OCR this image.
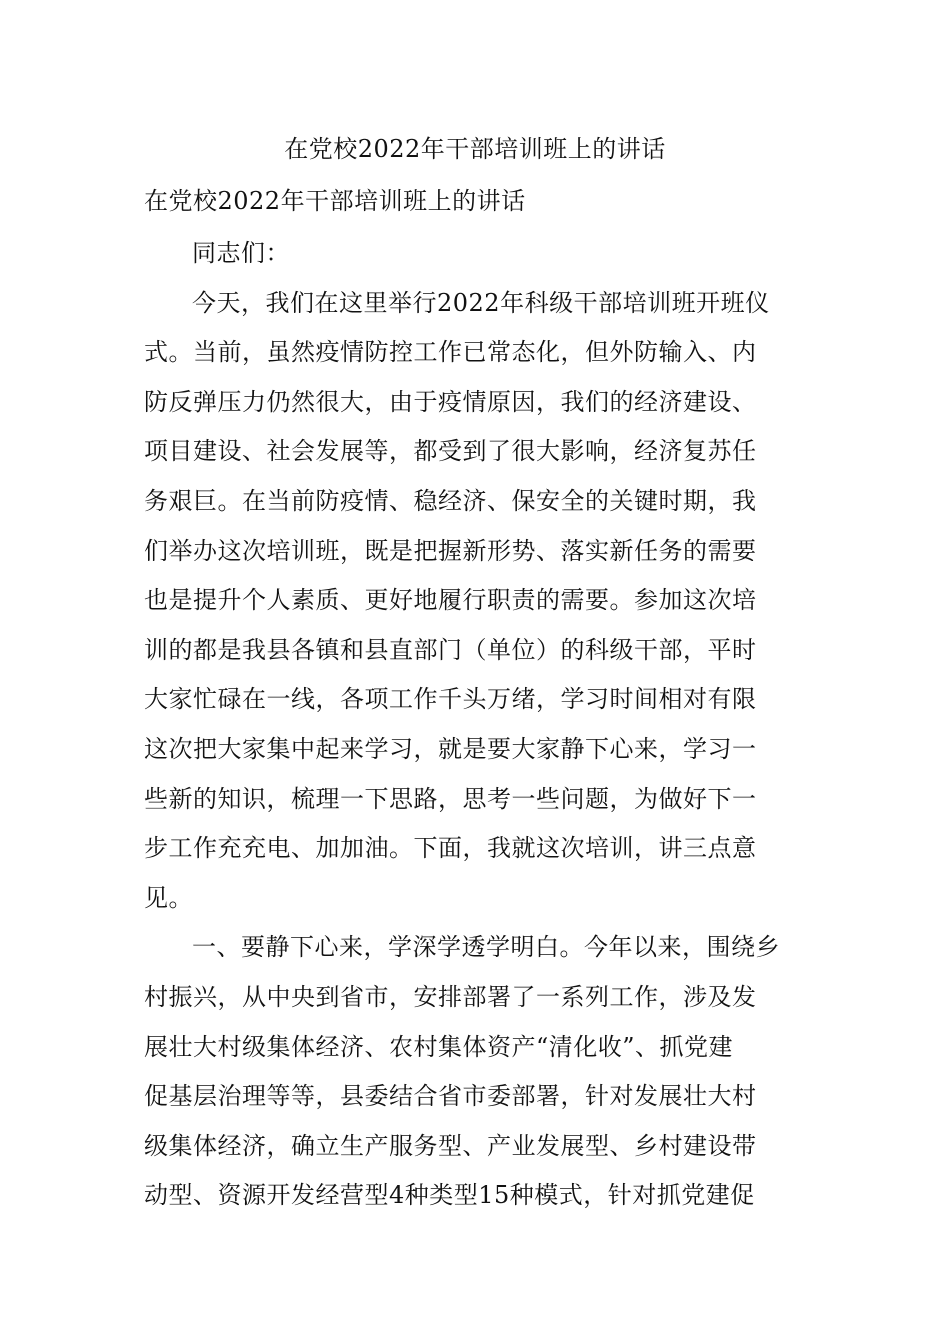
在党校2022年干部培训班上的讲话
在党校2022年干部培训班上的讲话
同志们：
今天，我们在这里举行2022年科级干部培训班开班仪
式。当前，虽然疫情防控工作已常态化，但外防输入、内
防反弹压力仍然很大，由于疫情原因，我们的经济建设、
项目建设、社会发展等，都受到了很大影响，经济复苏任
务艰巨。在当前防疫情、稳经济、保安全的关键时期，我
们举办这次培训班，既是把握新形势、落实新任务的需要
也是提升个人素质、更好地履行职责的需要。参加这次培
训的都是我县各镇和县直部门（单位）的科级干部，平时
大家忙碌在一线，各项工作千头万绪，学习时间相对有限
这次把大家集中起来学习，就是要大家静下心来，学习一
些新的知识，梳理一下思路，思考一些问题，为做好下一
步工作充充电、加加油。下面，我就这次培训，讲三点意
见。
一、要静下心来，学深学透学明白。今年以来，围绕乡
村振兴，从中央到省市，安排部署了一系列工作，涉及发
展壮大村级集体经济、农村集体资产“清化收”、抓党建
促基层治理等等，县委结合省市委部署，针对发展壮大村
级集体经济，确立生产服务型、产业发展型、乡村建设带
动型、资源开发经营型4种类型15种模式，针对抓党建促
